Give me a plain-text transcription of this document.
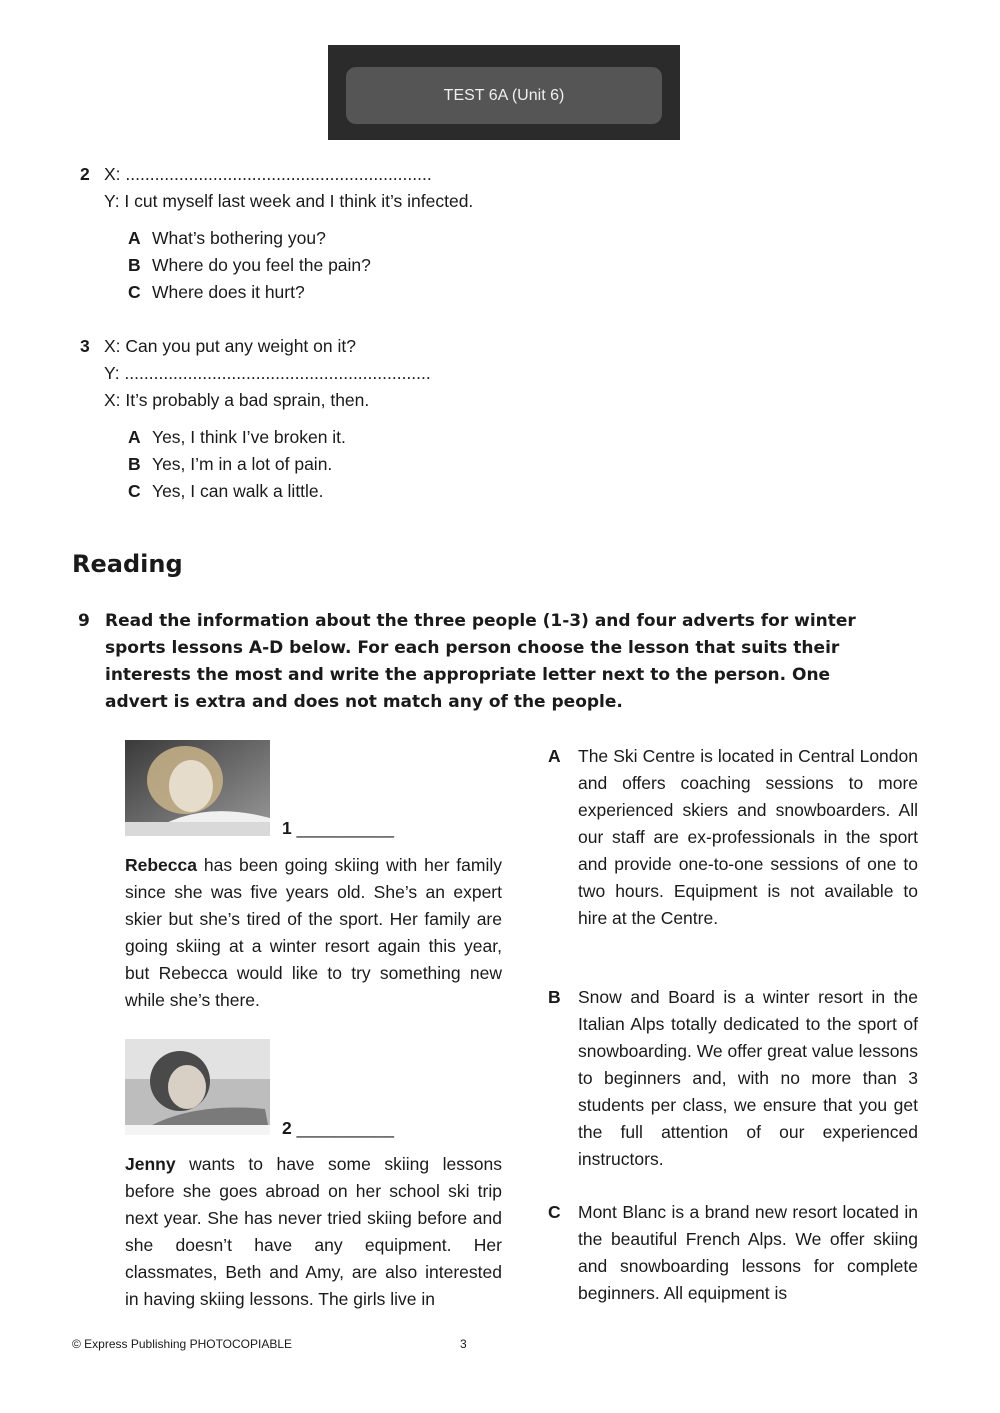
TEST 6A (Unit 6)
2 X: ...............................................................
Y: I cut myself last week and I think it’s infected.
A What’s bothering you?
B Where do you feel the pain?
C Where does it hurt?
3 X: Can you put any weight on it?
Y: ...............................................................
X: It’s probably a bad sprain, then.
A Yes, I think I’ve broken it.
B Yes, I’m in a lot of pain.
C Yes, I can walk a little.
Reading
9 Read the information about the three people (1-3) and four adverts for winter sports lessons A-D below. For each person choose the lesson that suits their interests the most and write the appropriate letter next to the person. One advert is extra and does not match any of the people.
1 __________
Rebecca has been going skiing with her family since she was five years old. She’s an expert skier but she’s tired of the sport. Her family are going skiing at a winter resort again this year, but Rebecca would like to try something new while she’s there.
2 __________
Jenny wants to have some skiing lessons before she goes abroad on her school ski trip next year. She has never tried skiing before and she doesn’t have any equipment. Her classmates, Beth and Amy, are also interested in having skiing lessons. The girls live in
A The Ski Centre is located in Central London and offers coaching sessions to more experienced skiers and snowboarders. All our staff are ex-professionals in the sport and provide one-to-one sessions of one to two hours. Equipment is not available to hire at the Centre.
B Snow and Board is a winter resort in the Italian Alps totally dedicated to the sport of snowboarding. We offer great value lessons to beginners and, with no more than 3 students per class, we ensure that you get the full attention of our experienced instructors.
C Mont Blanc is a brand new resort located in the beautiful French Alps. We offer skiing and snowboarding lessons for complete beginners. All equipment is
© Express Publishing PHOTOCOPIABLE	3
